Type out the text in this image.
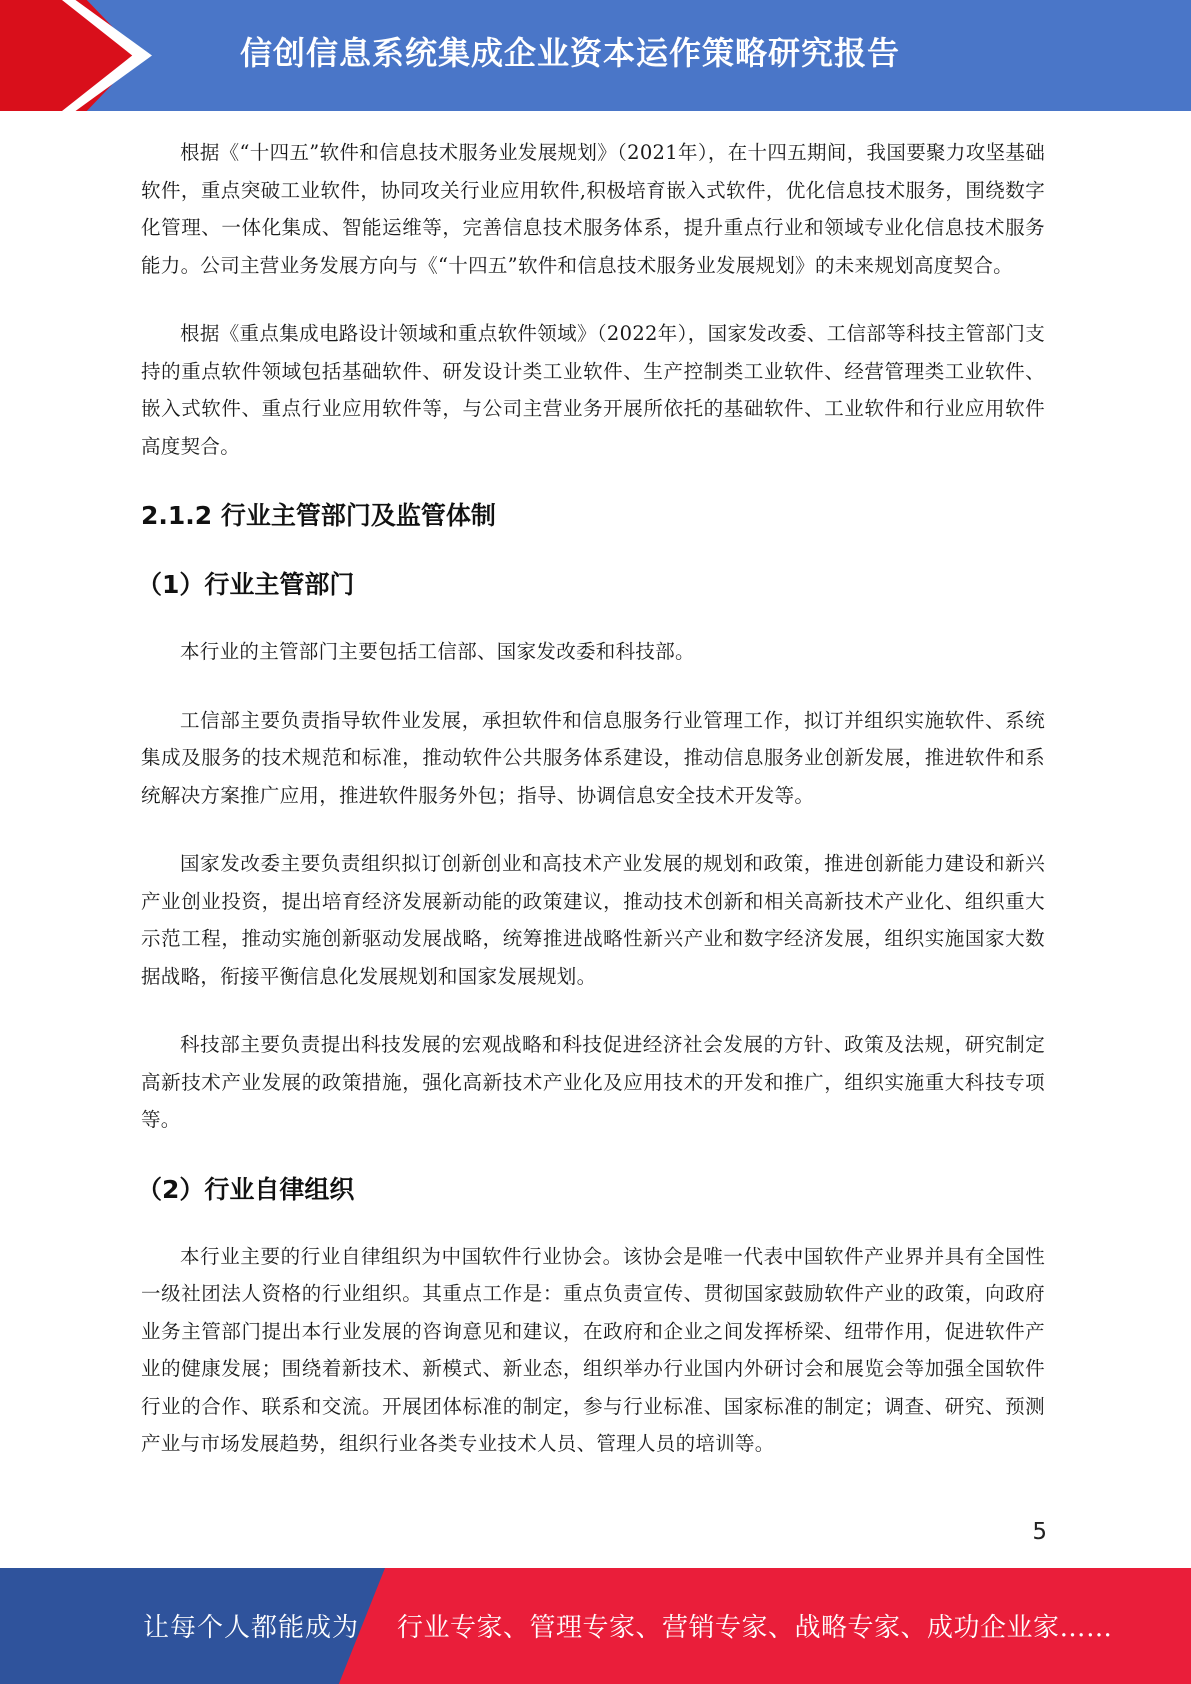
信创信息系统集成企业资本运作策略研究报告

根据《“十四五”软件和信息技术服务业发展规划》（2021年），在十四五期间，我国要聚力攻坚基础软件，重点突破工业软件，协同攻关行业应用软件,积极培育嵌入式软件，优化信息技术服务，围绕数字化管理、一体化集成、智能运维等，完善信息技术服务体系，提升重点行业和领域专业化信息技术服务能力。公司主营业务发展方向与《“十四五”软件和信息技术服务业发展规划》的未来规划高度契合。

根据《重点集成电路设计领域和重点软件领域》（2022年），国家发改委、工信部等科技主管部门支持的重点软件领域包括基础软件、研发设计类工业软件、生产控制类工业软件、经营管理类工业软件、嵌入式软件、重点行业应用软件等，与公司主营业务开展所依托的基础软件、工业软件和行业应用软件高度契合。

2.1.2 行业主管部门及监管体制
（1）行业主管部门

本行业的主管部门主要包括工信部、国家发改委和科技部。

工信部主要负责指导软件业发展，承担软件和信息服务行业管理工作，拟订并组织实施软件、系统集成及服务的技术规范和标准，推动软件公共服务体系建设，推动信息服务业创新发展，推进软件和系统解决方案推广应用，推进软件服务外包；指导、协调信息安全技术开发等。

国家发改委主要负责组织拟订创新创业和高技术产业发展的规划和政策，推进创新能力建设和新兴产业创业投资，提出培育经济发展新动能的政策建议，推动技术创新和相关高新技术产业化、组织重大示范工程，推动实施创新驱动发展战略，统筹推进战略性新兴产业和数字经济发展，组织实施国家大数据战略，衔接平衡信息化发展规划和国家发展规划。

科技部主要负责提出科技发展的宏观战略和科技促进经济社会发展的方针、政策及法规，研究制定高新技术产业发展的政策措施，强化高新技术产业化及应用技术的开发和推广，组织实施重大科技专项等。

（2）行业自律组织

本行业主要的行业自律组织为中国软件行业协会。该协会是唯一代表中国软件产业界并具有全国性一级社团法人资格的行业组织。其重点工作是：重点负责宣传、贯彻国家鼓励软件产业的政策，向政府业务主管部门提出本行业发展的咨询意见和建议，在政府和企业之间发挥桥梁、纽带作用，促进软件产业的健康发展；围绕着新技术、新模式、新业态，组织举办行业国内外研讨会和展览会等加强全国软件行业的合作、联系和交流。开展团体标准的制定，参与行业标准、国家标准的制定；调查、研究、预测产业与市场发展趋势，组织行业各类专业技术人员、管理人员的培训等。

5
让每个人都能成为 行业专家、管理专家、营销专家、战略专家、成功企业家……
